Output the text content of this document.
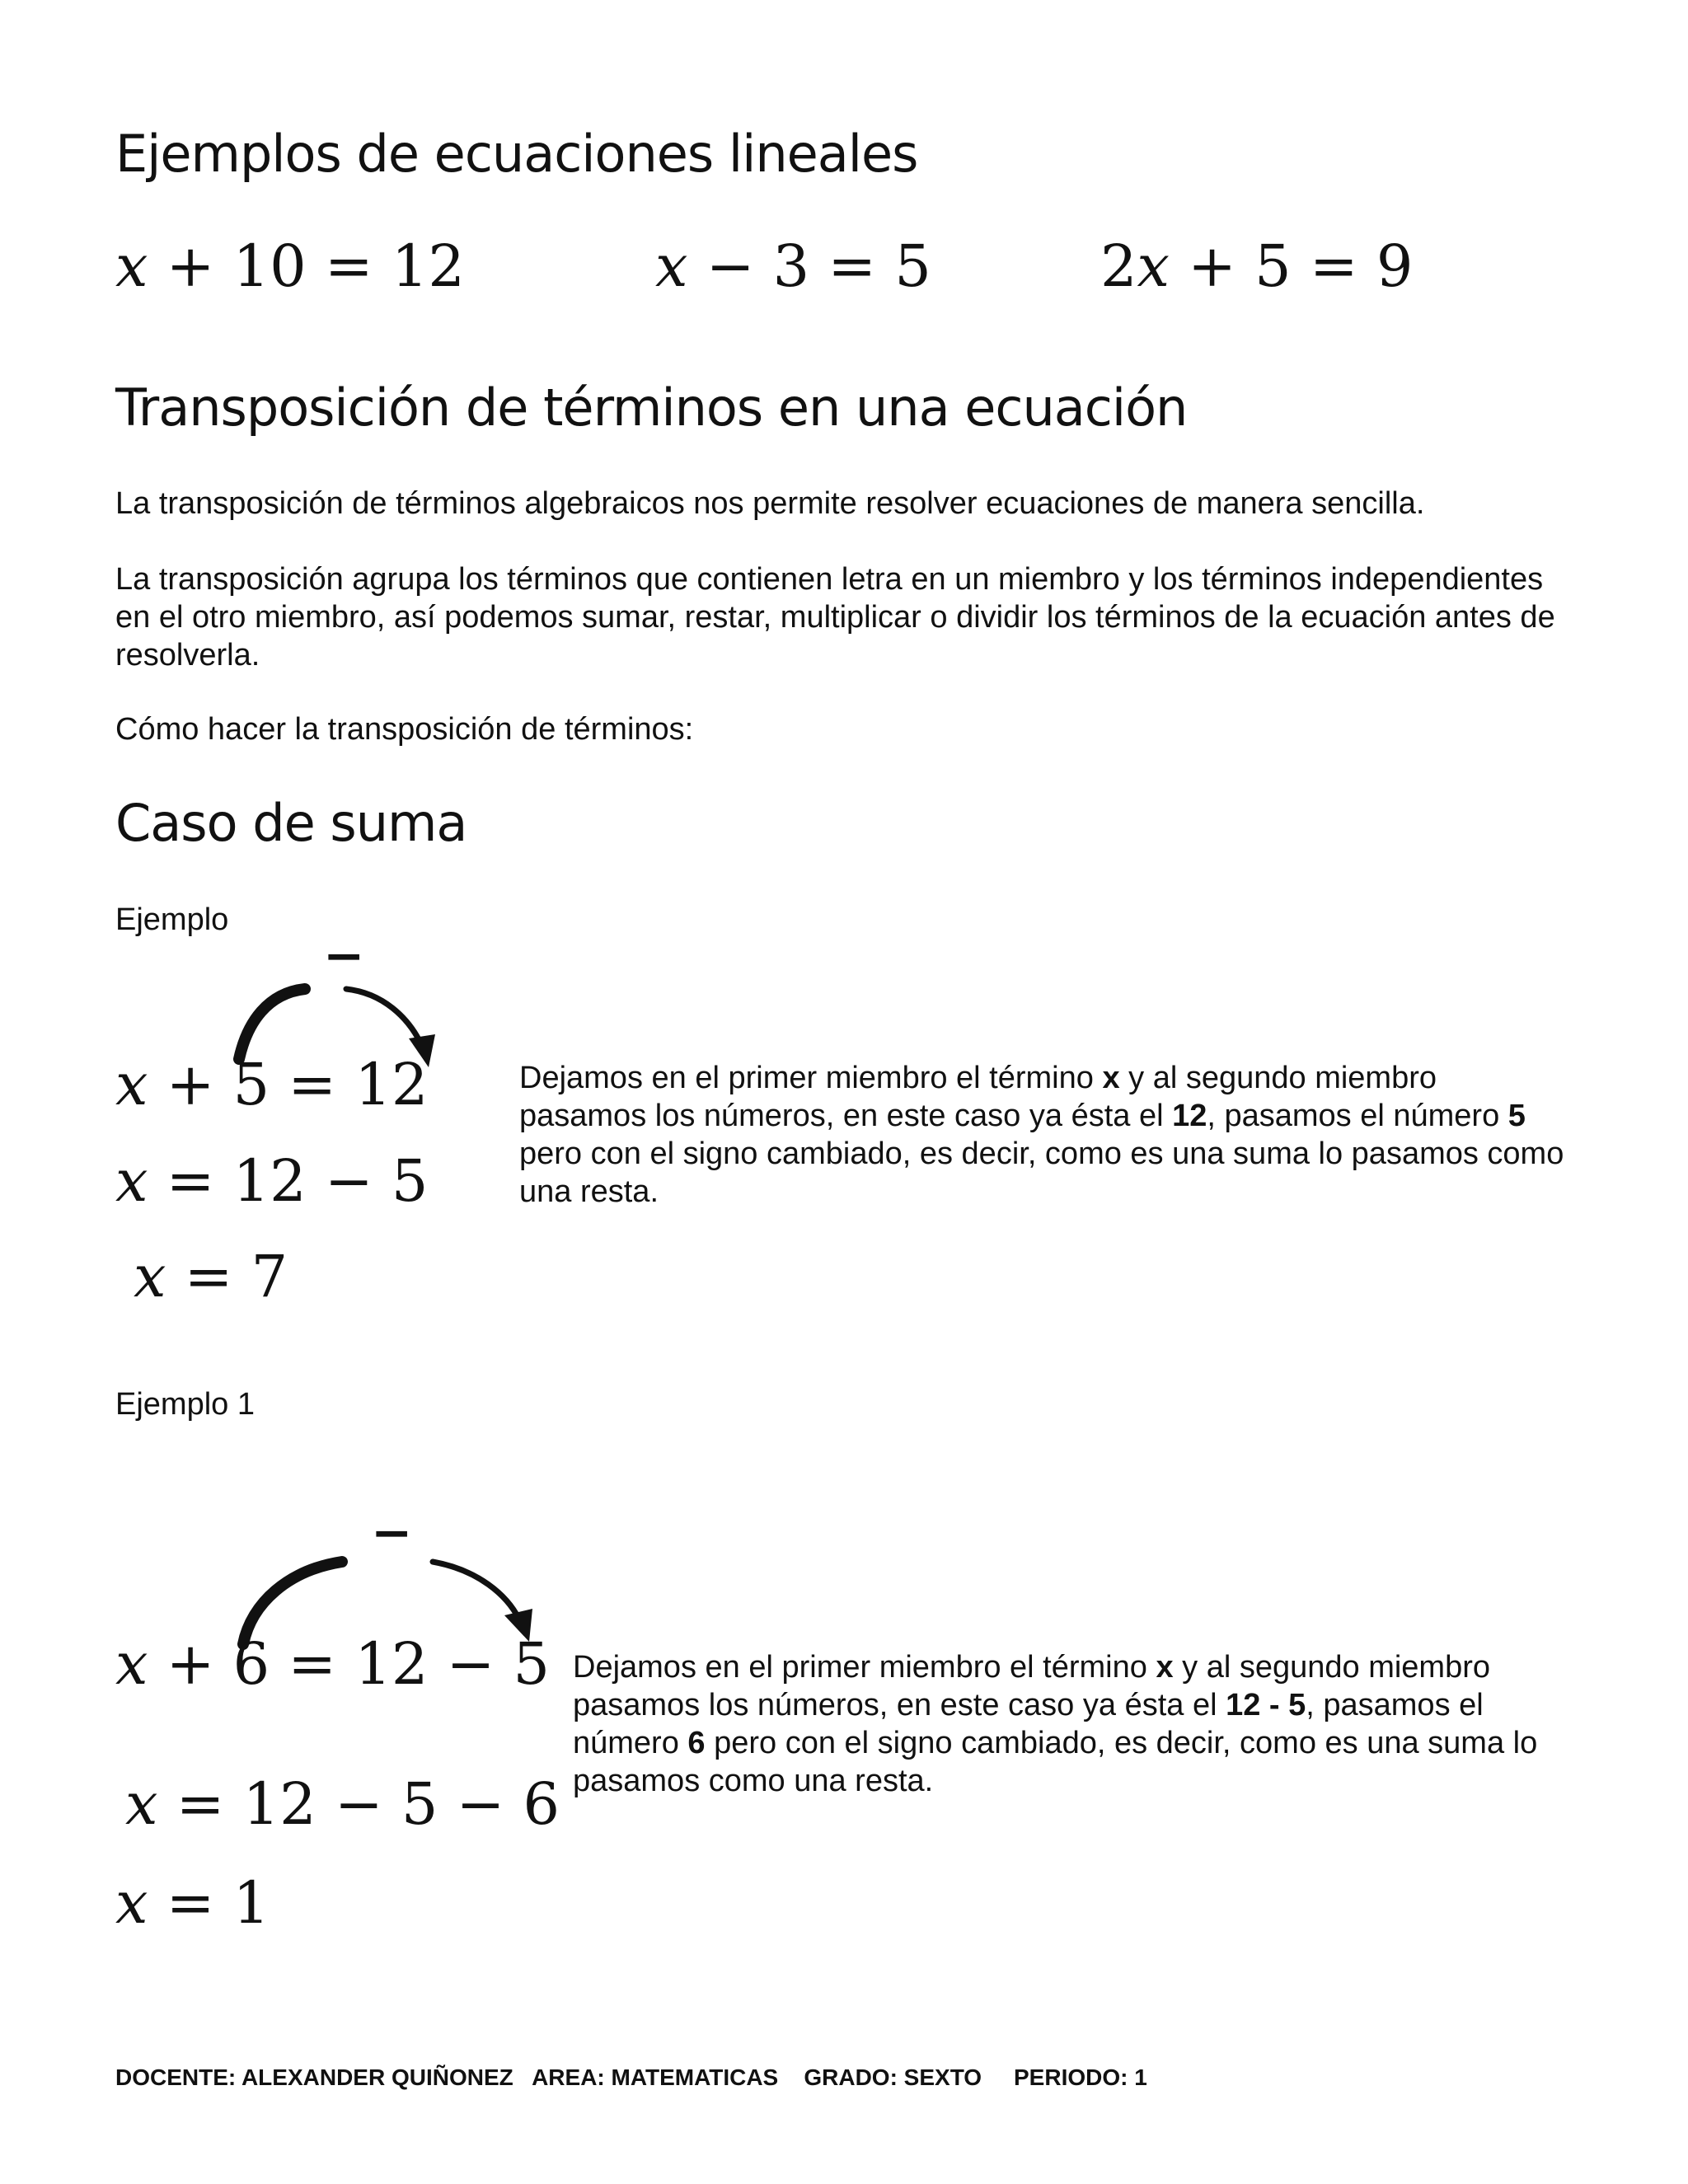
Ejemplos de ecuaciones lineales
x + 10 = 12	x − 3 = 5	2x + 5 = 9
Transposición de términos en una ecuación

La transposición de términos algebraicos nos permite resolver ecuaciones de manera sencilla.

La transposición agrupa los términos que contienen letra en un miembro y los términos independientes en el otro miembro, así podemos sumar, restar, multiplicar o dividir los términos de la ecuación antes de resolverla.

Cómo hacer la transposición de términos:

Caso de suma

Ejemplo

−
x + 5 = 12
x = 12 − 5
x = 7

Dejamos en el primer miembro el término x y al segundo miembro pasamos los números, en este caso ya ésta el 12, pasamos el número 5 pero con el signo cambiado, es decir, como es una suma lo pasamos como una resta.

Ejemplo 1

−
x + 6 = 12 − 5
x = 12 − 5 − 6
x = 1

Dejamos en el primer miembro el término x y al segundo miembro pasamos los números, en este caso ya ésta el 12 - 5, pasamos el número 6 pero con el signo cambiado, es decir, como es una suma lo pasamos como una resta.

DOCENTE: ALEXANDER QUIÑONEZ AREA: MATEMATICAS GRADO: SEXTO PERIODO: 1
